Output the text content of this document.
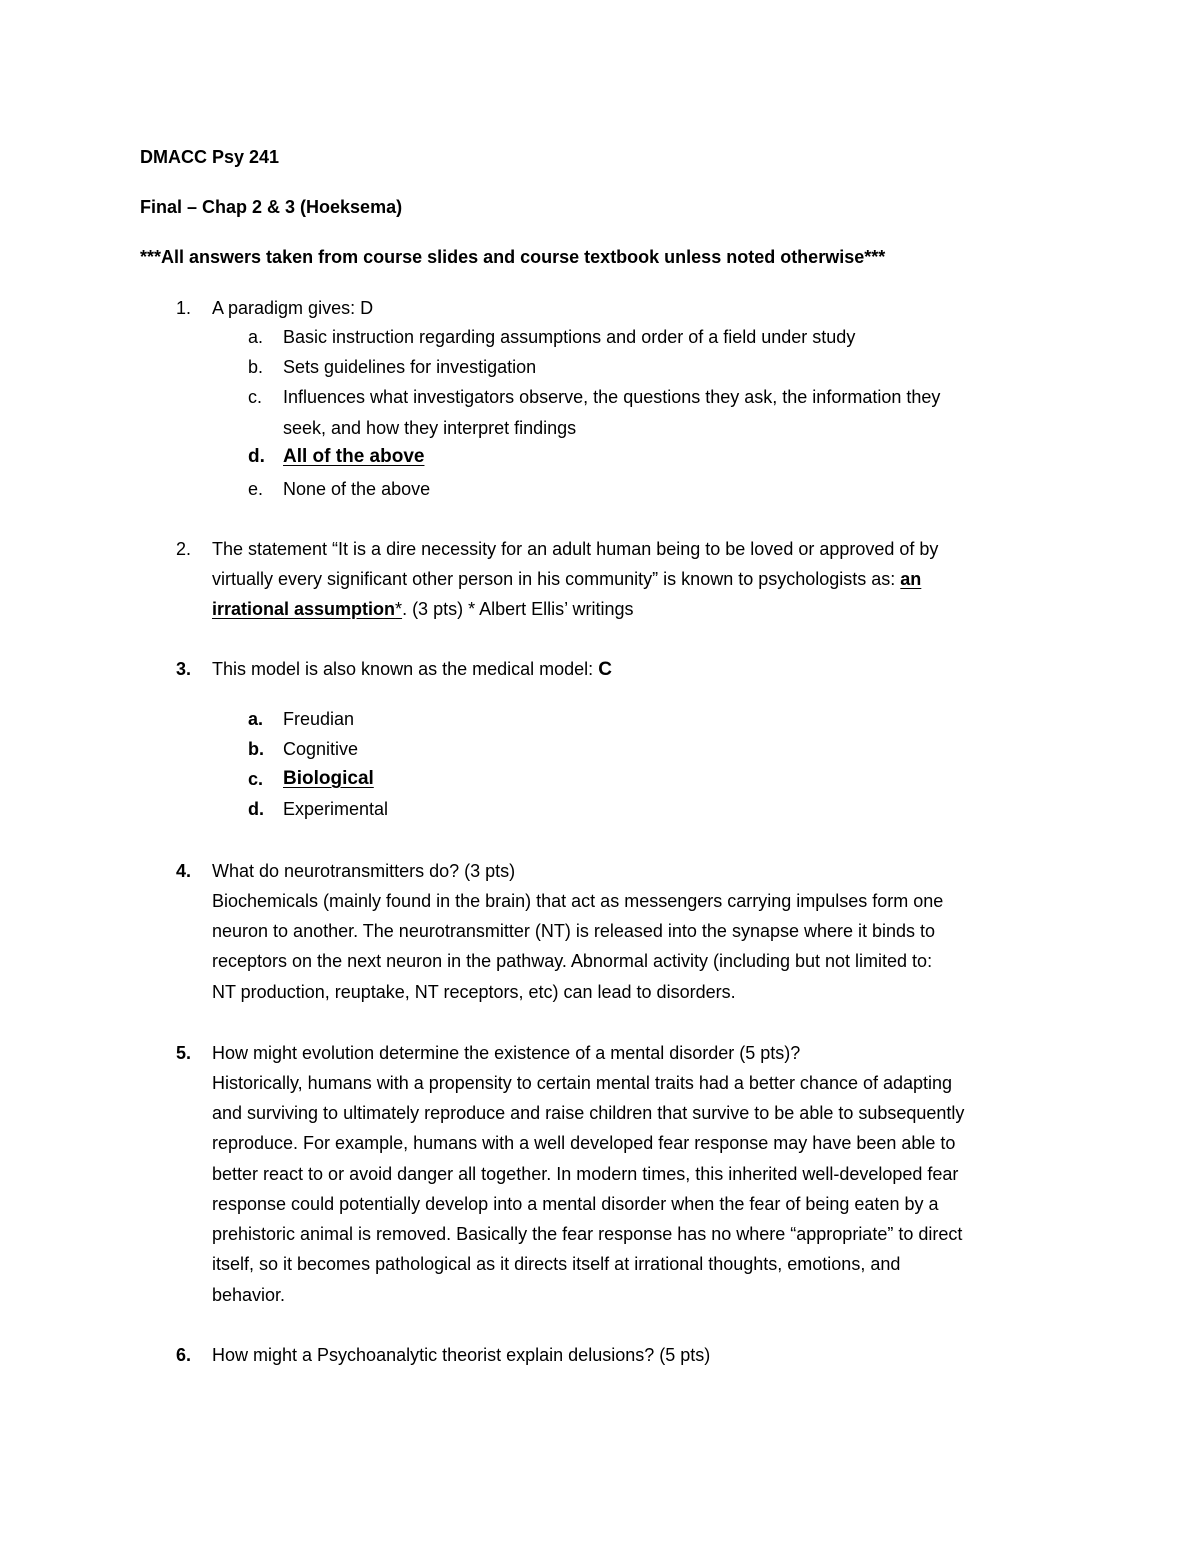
DMACC Psy 241
Final – Chap 2 & 3 (Hoeksema)
***All answers taken from course slides and course textbook unless noted otherwise***
1. A paradigm gives: D
a. Basic instruction regarding assumptions and order of a field under study
b. Sets guidelines for investigation
c. Influences what investigators observe, the questions they ask, the information they
seek, and how they interpret findings
d. All of the above
e. None of the above
2. The statement “It is a dire necessity for an adult human being to be loved or approved of by
virtually every significant other person in his community” is known to psychologists as: an
irrational assumption*. (3 pts) * Albert Ellis’ writings
3. This model is also known as the medical model: C
a. Freudian
b. Cognitive
c. Biological
d. Experimental
4. What do neurotransmitters do? (3 pts)
Biochemicals (mainly found in the brain) that act as messengers carrying impulses form one
neuron to another. The neurotransmitter (NT) is released into the synapse where it binds to
receptors on the next neuron in the pathway. Abnormal activity (including but not limited to:
NT production, reuptake, NT receptors, etc) can lead to disorders.
5. How might evolution determine the existence of a mental disorder (5 pts)?
Historically, humans with a propensity to certain mental traits had a better chance of adapting
and surviving to ultimately reproduce and raise children that survive to be able to subsequently
reproduce. For example, humans with a well developed fear response may have been able to
better react to or avoid danger all together. In modern times, this inherited well-developed fear
response could potentially develop into a mental disorder when the fear of being eaten by a
prehistoric animal is removed. Basically the fear response has no where “appropriate” to direct
itself, so it becomes pathological as it directs itself at irrational thoughts, emotions, and
behavior.
6. How might a Psychoanalytic theorist explain delusions? (5 pts)
